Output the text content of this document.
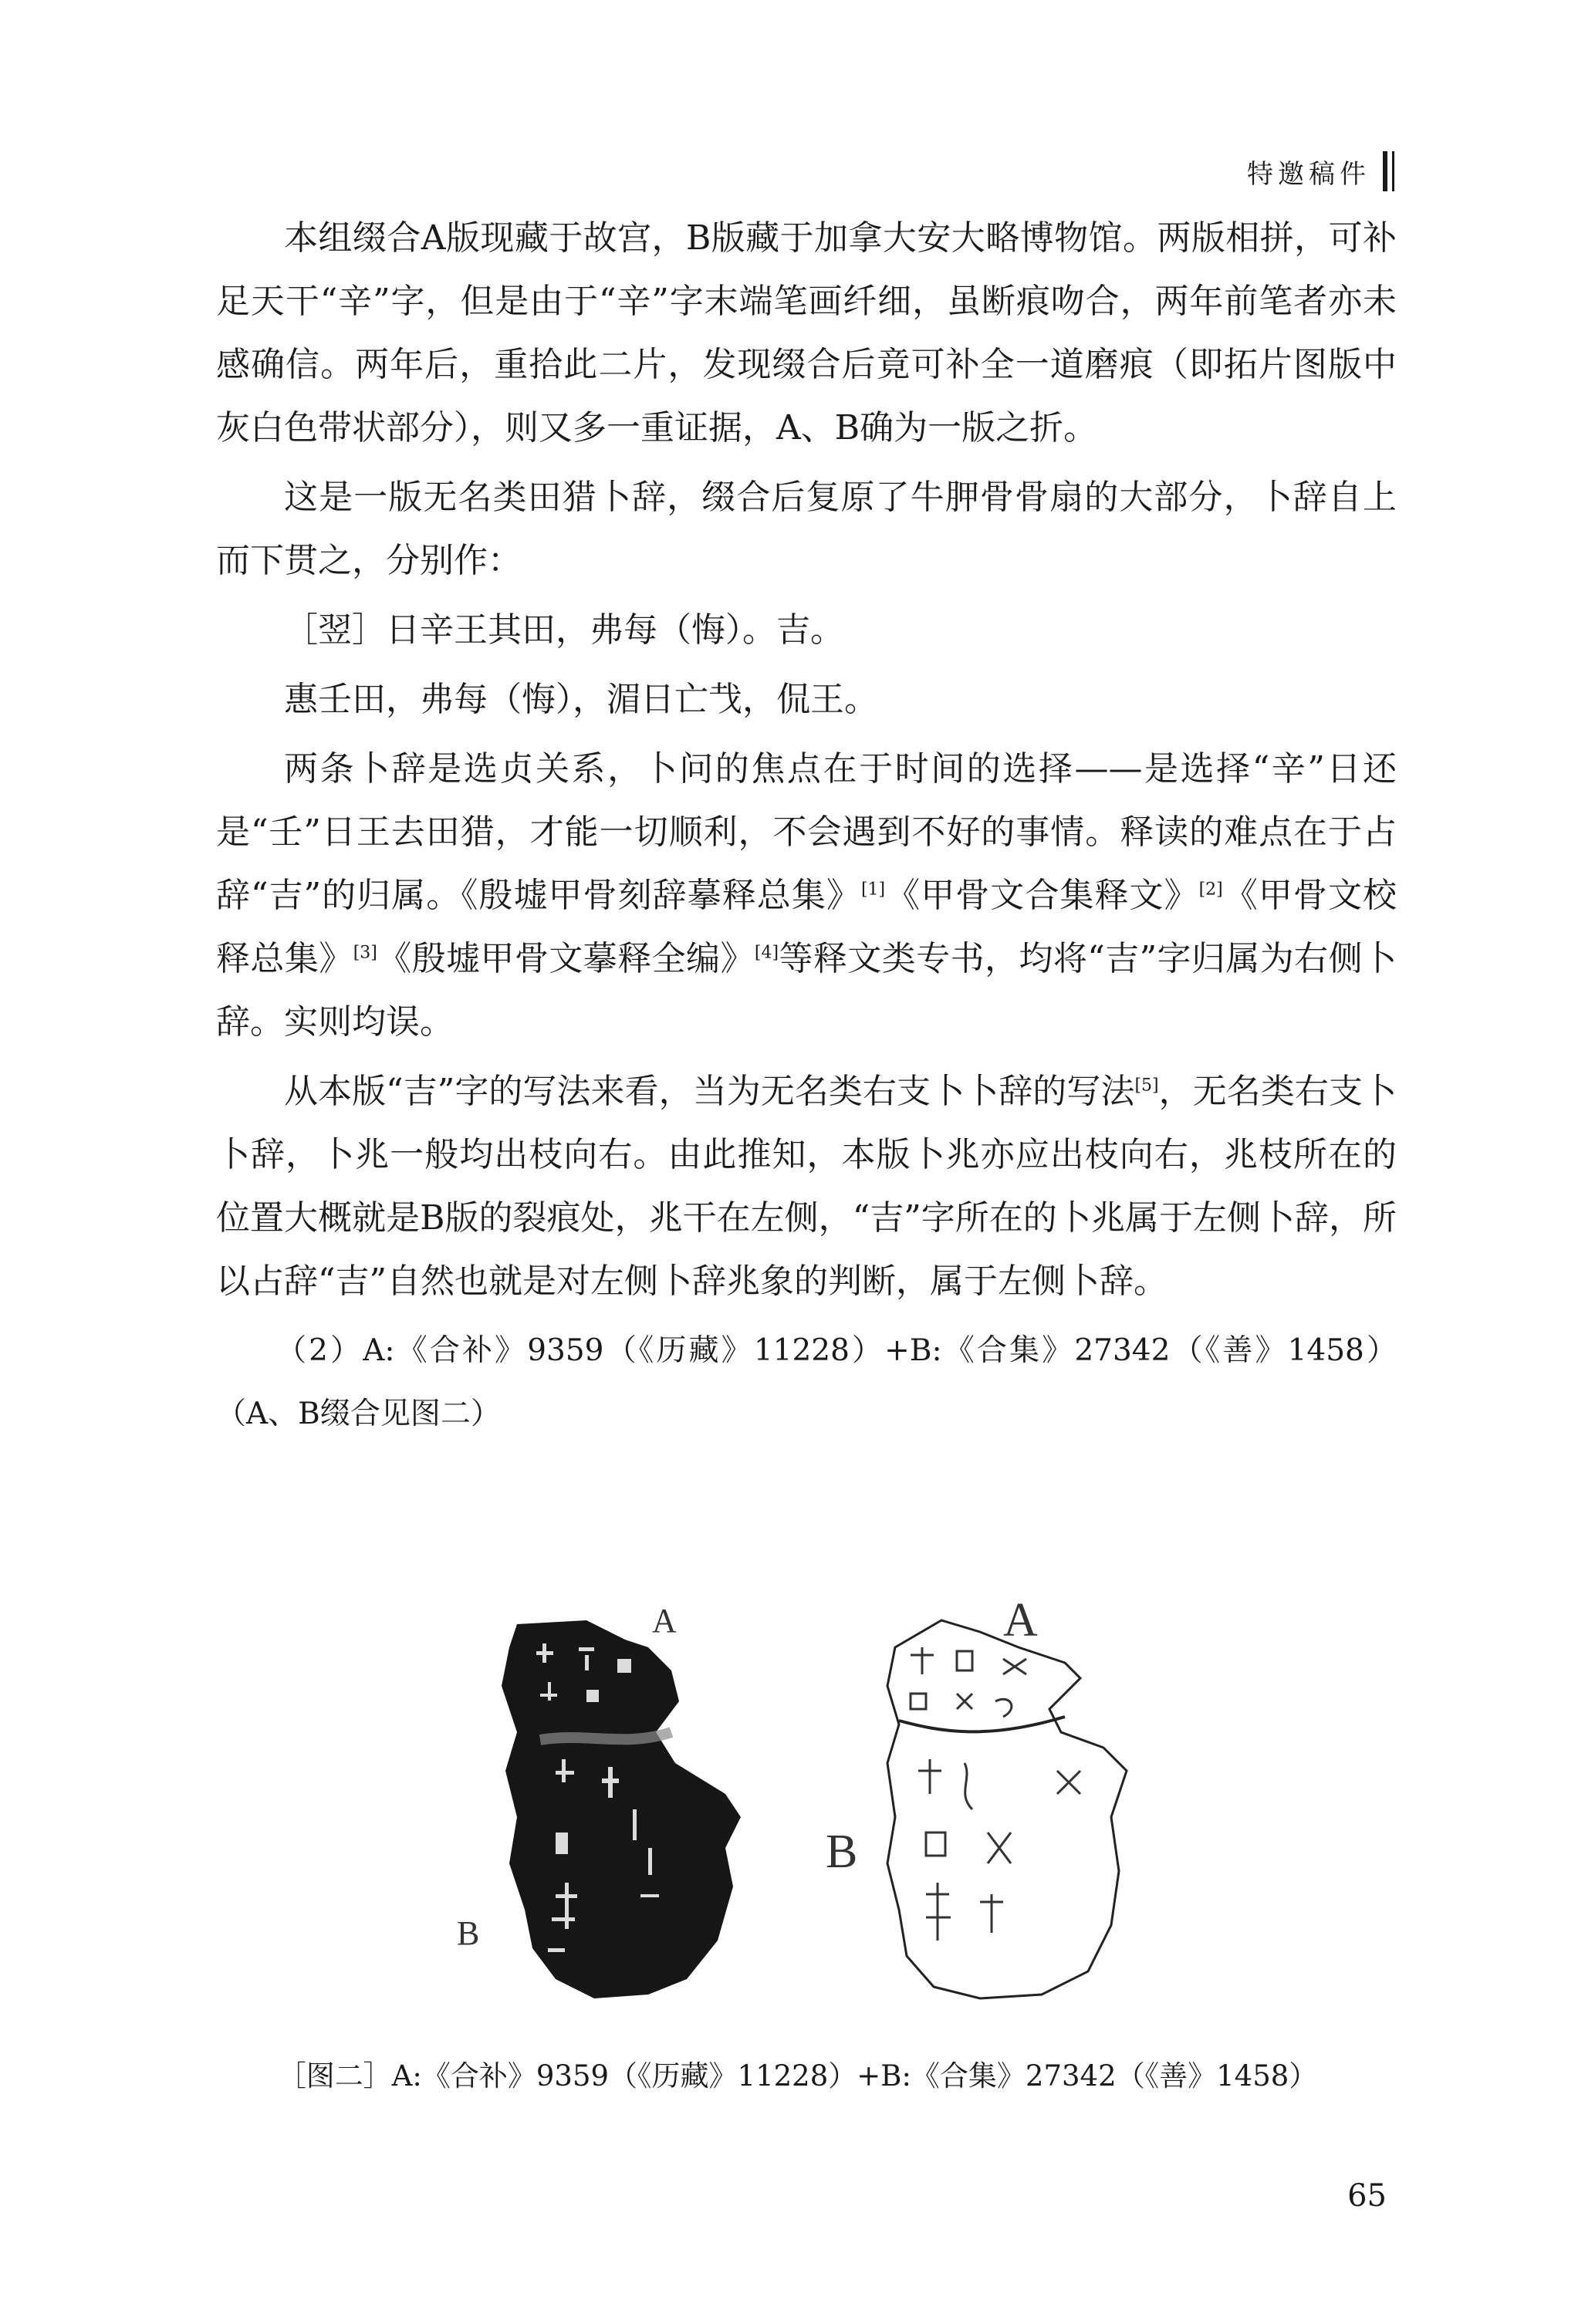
特邀稿件

本组缀合A版现藏于故宫，B版藏于加拿大安大略博物馆。两版相拼，可补足天干“辛”字，但是由于“辛”字末端笔画纤细，虽断痕吻合，两年前笔者亦未感确信。两年后，重拾此二片，发现缀合后竟可补全一道磨痕（即拓片图版中灰白色带状部分），则又多一重证据，A、B确为一版之折。

这是一版无名类田猎卜辞，缀合后复原了牛胛骨骨扇的大部分，卜辞自上而下贯之，分别作：

［翌］日辛王其田，弗每（悔）。吉。

惠壬田，弗每（悔），湄日亡𢦏，侃王。

两条卜辞是选贞关系，卜问的焦点在于时间的选择——是选择“辛”日还是“壬”日王去田猎，才能一切顺利，不会遇到不好的事情。释读的难点在于占辞“吉”的归属。《殷墟甲骨刻辞摹释总集》[1]《甲骨文合集释文》[2]《甲骨文校释总集》[3]《殷墟甲骨文摹释全编》[4]等释文类专书，均将“吉”字归属为右侧卜辞。实则均误。

从本版“吉”字的写法来看，当为无名类右支卜卜辞的写法[5]，无名类右支卜卜辞，卜兆一般均出枝向右。由此推知，本版卜兆亦应出枝向右，兆枝所在的位置大概就是B版的裂痕处，兆干在左侧，“吉”字所在的卜兆属于左侧卜辞，所以占辞“吉”自然也就是对左侧卜辞兆象的判断，属于左侧卜辞。

（2）A:《合补》9359（《历藏》11228）+B:《合集》27342（《善》1458）（A、B缀合见图二）

A
B
A
B
［图二］A:《合补》9359（《历藏》11228）+B:《合集》27342（《善》1458）
65
